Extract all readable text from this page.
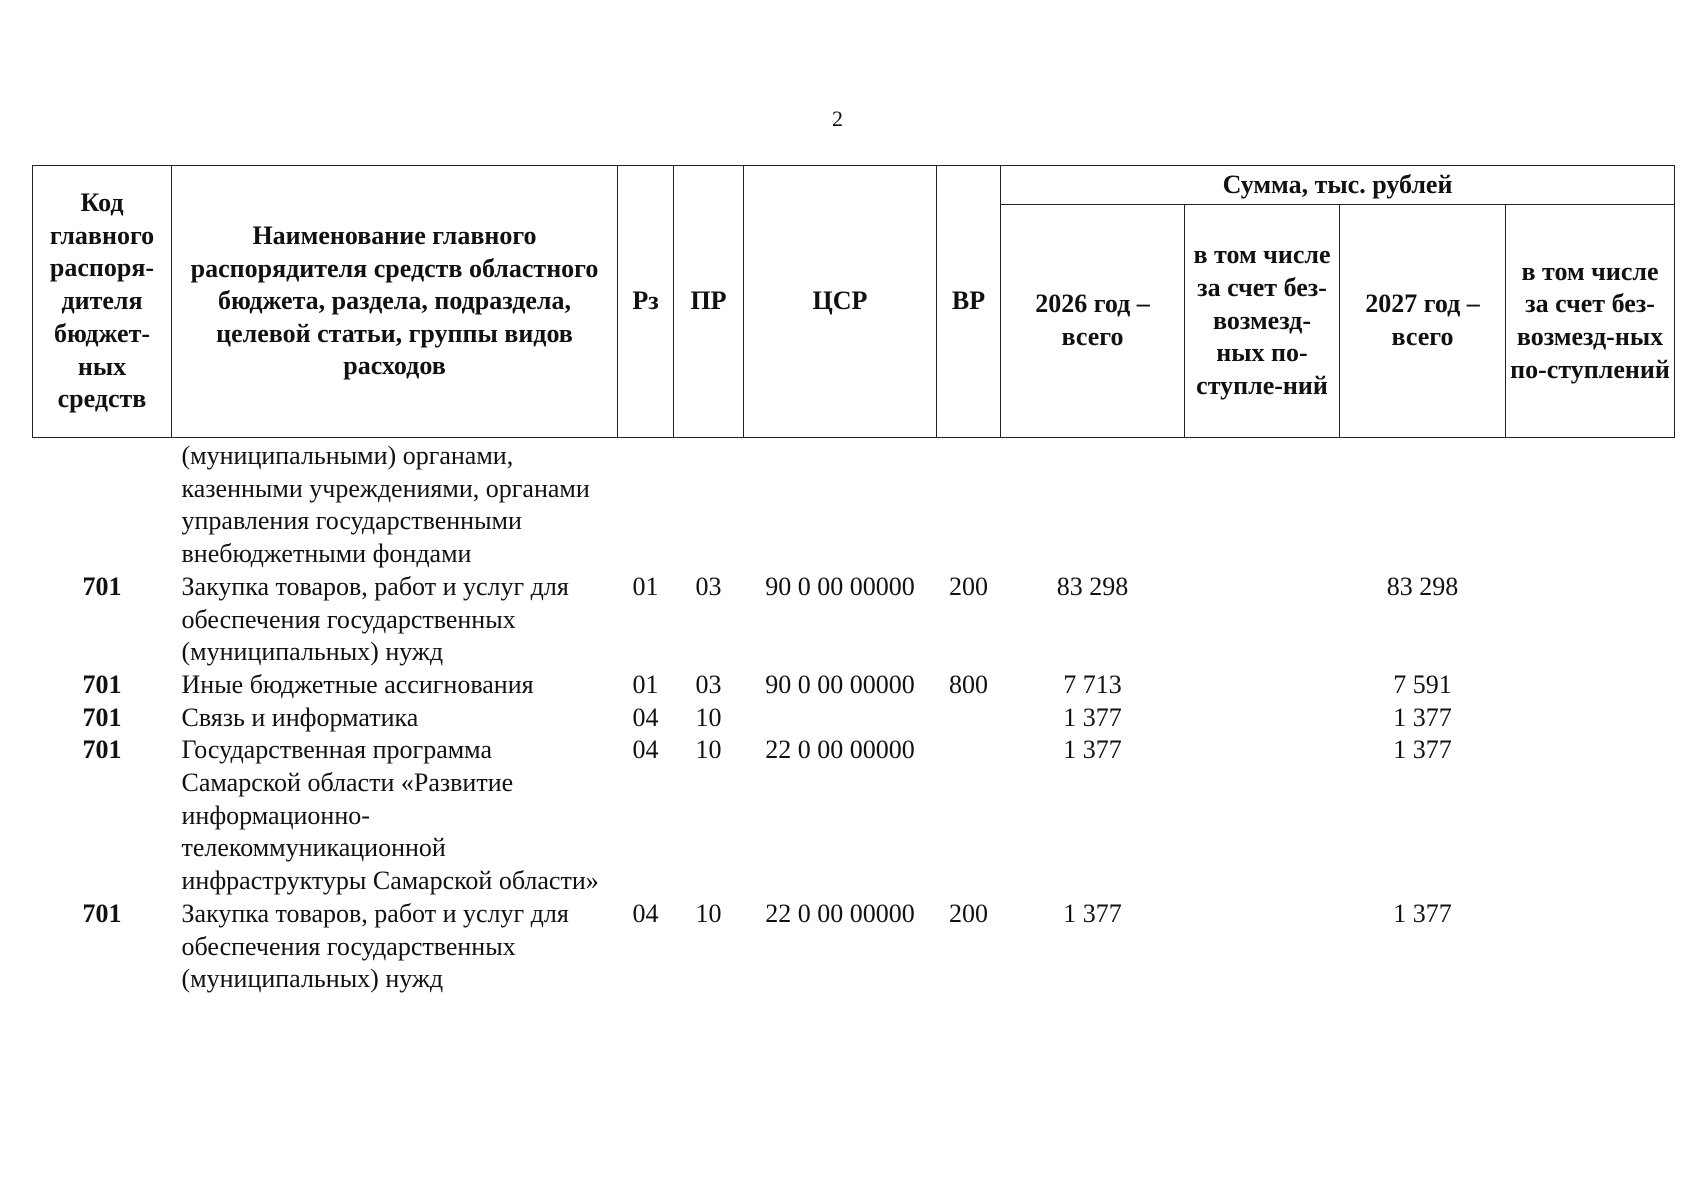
2
Код главного распоря-дителя бюджет-ных средств	Наименование главного распорядителя средств областного бюджета, раздела, подраздела, целевой статьи, группы видов расходов	Рз	ПР	ЦСР	ВР	Сумма, тыс. рублей			
						2026 год – всего	в том числе за счет без-возмезд-ных по-ступле-ний	2027 год – всего	в том числе за счет без-возмезд-ных по-ступлений
	(муниципальными) органами, казенными учреждениями, органами управления государственными внебюджетными фондами								
701	Закупка товаров, работ и услуг для обеспечения государственных (муниципальных) нужд	01	03	90 0 00 00000	200	83 298		83 298	
701	Иные бюджетные ассигнования	01	03	90 0 00 00000	800	7 713		7 591	
701	Связь и информатика	04	10			1 377		1 377	
701	Государственная программа Самарской области «Развитие информационно-телекоммуникационной инфраструктуры Самарской области»	04	10	22 0 00 00000		1 377		1 377	
701	Закупка товаров, работ и услуг для обеспечения государственных (муниципальных) нужд	04	10	22 0 00 00000	200	1 377		1 377	
